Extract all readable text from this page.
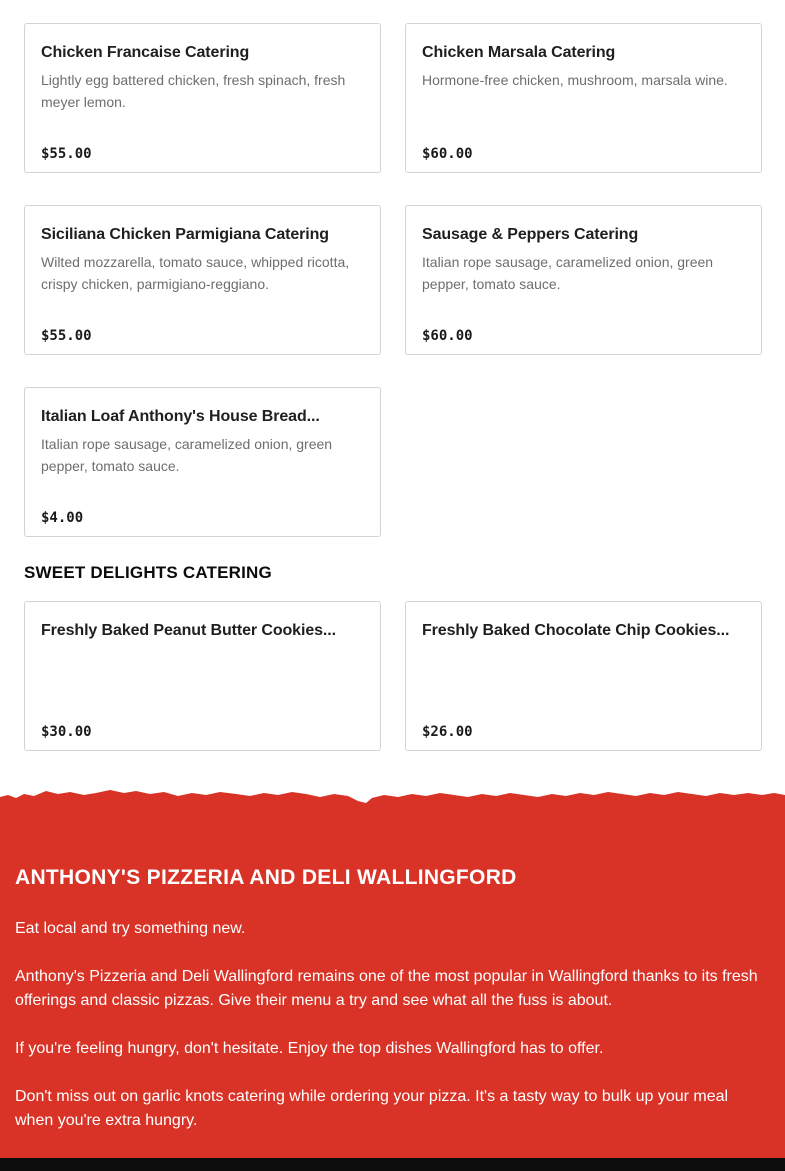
Chicken Francaise Catering
Lightly egg battered chicken, fresh spinach, fresh meyer lemon.
$55.00
Chicken Marsala Catering
Hormone-free chicken, mushroom, marsala wine.
$60.00
Siciliana Chicken Parmigiana Catering
Wilted mozzarella, tomato sauce, whipped ricotta, crispy chicken, parmigiano-reggiano.
$55.00
Sausage & Peppers Catering
Italian rope sausage, caramelized onion, green pepper, tomato sauce.
$60.00
Italian Loaf Anthony's House Bread...
Italian rope sausage, caramelized onion, green pepper, tomato sauce.
$4.00
SWEET DELIGHTS CATERING
Freshly Baked Peanut Butter Cookies...
$30.00
Freshly Baked Chocolate Chip Cookies...
$26.00
ANTHONY'S PIZZERIA AND DELI WALLINGFORD

Eat local and try something new.

Anthony's Pizzeria and Deli Wallingford remains one of the most popular in Wallingford thanks to its fresh offerings and classic pizzas. Give their menu a try and see what all the fuss is about.

If you're feeling hungry, don't hesitate. Enjoy the top dishes Wallingford has to offer.

Don't miss out on garlic knots catering while ordering your pizza. It's a tasty way to bulk up your meal when you're extra hungry.
